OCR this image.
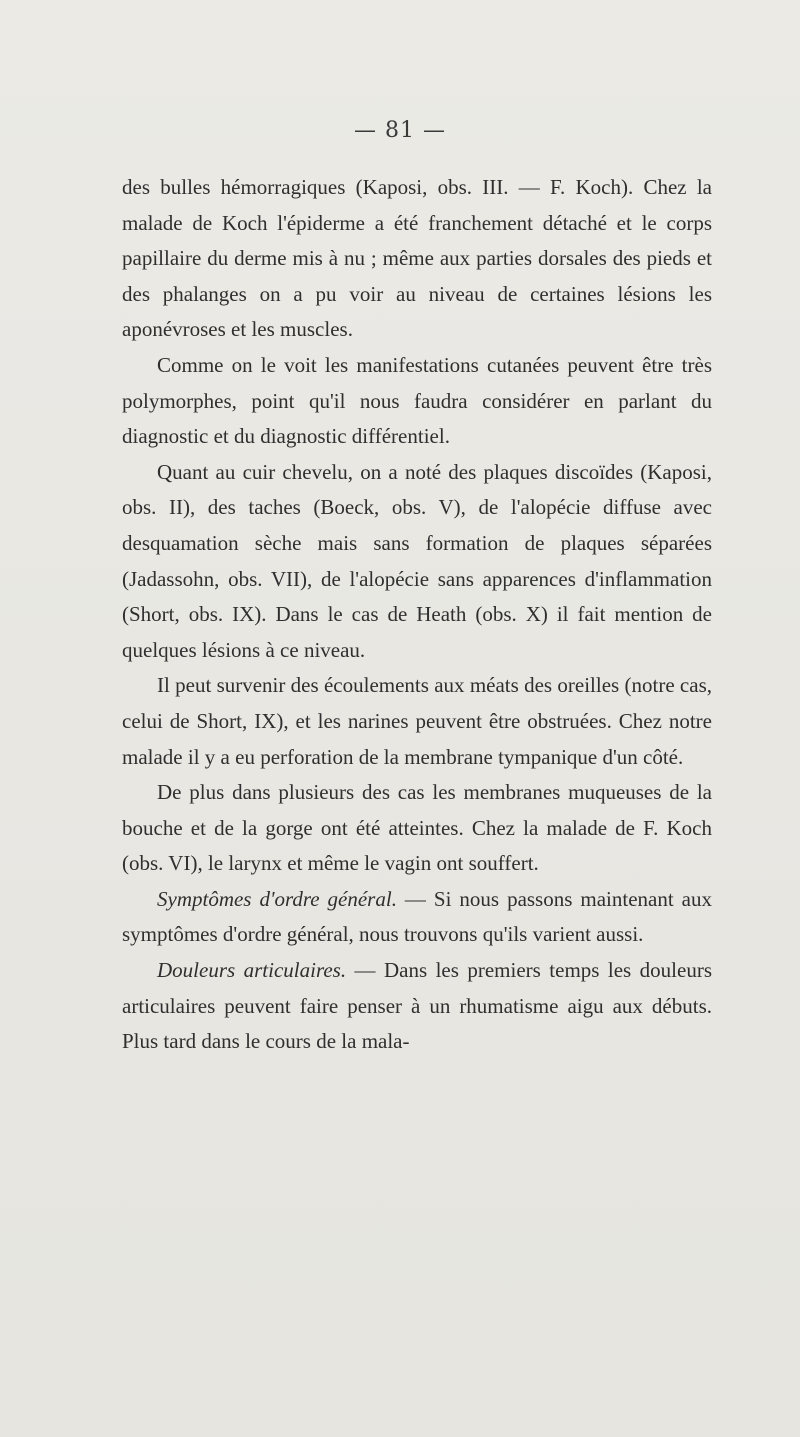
— 81 —

des bulles hémorragiques (Kaposi, obs. III. — F. Koch). Chez la malade de Koch l'épiderme a été franchement détaché et le corps papillaire du derme mis à nu ; même aux parties dorsales des pieds et des phalanges on a pu voir au niveau de certaines lésions les aponévroses et les muscles.

Comme on le voit les manifestations cutanées peuvent être très polymorphes, point qu'il nous faudra considérer en parlant du diagnostic et du diagnostic différentiel.

Quant au cuir chevelu, on a noté des plaques discoïdes (Kaposi, obs. II), des taches (Boeck, obs. V), de l'alopécie diffuse avec desquamation sèche mais sans formation de plaques séparées (Jadassohn, obs. VII), de l'alopécie sans apparences d'inflammation (Short, obs. IX). Dans le cas de Heath (obs. X) il fait mention de quelques lésions à ce niveau.

Il peut survenir des écoulements aux méats des oreilles (notre cas, celui de Short, IX), et les narines peuvent être obstruées. Chez notre malade il y a eu perforation de la membrane tympanique d'un côté.

De plus dans plusieurs des cas les membranes muqueuses de la bouche et de la gorge ont été atteintes. Chez la malade de F. Koch (obs. VI), le larynx et même le vagin ont souffert.

Symptômes d'ordre général. — Si nous passons maintenant aux symptômes d'ordre général, nous trouvons qu'ils varient aussi.

Douleurs articulaires. — Dans les premiers temps les douleurs articulaires peuvent faire penser à un rhumatisme aigu aux débuts. Plus tard dans le cours de la mala-
